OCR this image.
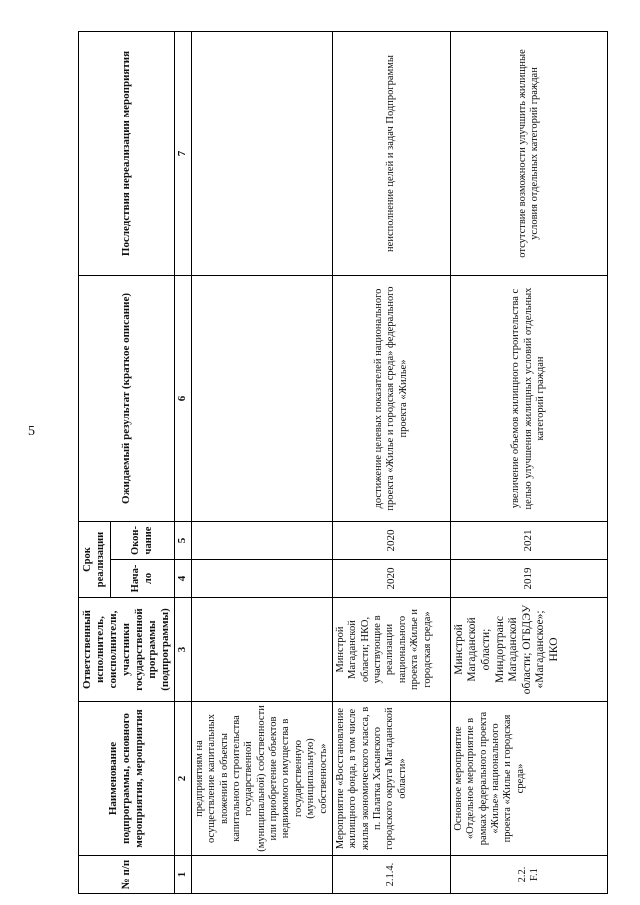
5
№ п/п	Наименование подпрограммы, основного мероприятия, мероприятия	Ответственный исполнитель, соисполнители, участники государственной программы (подпрограммы)	Срок реализации		Ожидаемый результат (краткое описание)	Последствия нереализации мероприятия
			Нача-ло	Окон-чание		
1	2	3	4	5	6	7
	предприятиям на осуществление капитальных вложений в объекты капитального строительства государственной (муниципальной) собственности или приобретение объектов недвижимого имущества в государственную (муниципальную) собственность»					
2.1.4.	Мероприятие «Восстановление жилищного фонда, в том числе жилья экономического класса, в п. Палатка Хасынского городского округа Магаданской области»	Минстрой Магаданской области; НКО, участвующие в реализации национального проекта «Жилье и городская среда»	2020	2020	достижение целевых показателей национального проекта «Жилье и городская среда» федерального проекта «Жилье»	неисполнение целей и задач Подпрограммы
2.2. F.1	Основное мероприятие «Отдельное мероприятие в рамках федерального проекта «Жилье» национального проекта «Жилье и городская среда»	Минстрой Магаданской области; Миндортранс Магаданской области; ОГБДЭУ «Магаданское»; НКО	2019	2021	увеличение объемов жилищного строительства с целью улучшения жилищных условий отдельных категорий граждан	отсутствие возможности улучшить жилищные условия отдельных категорий граждан
